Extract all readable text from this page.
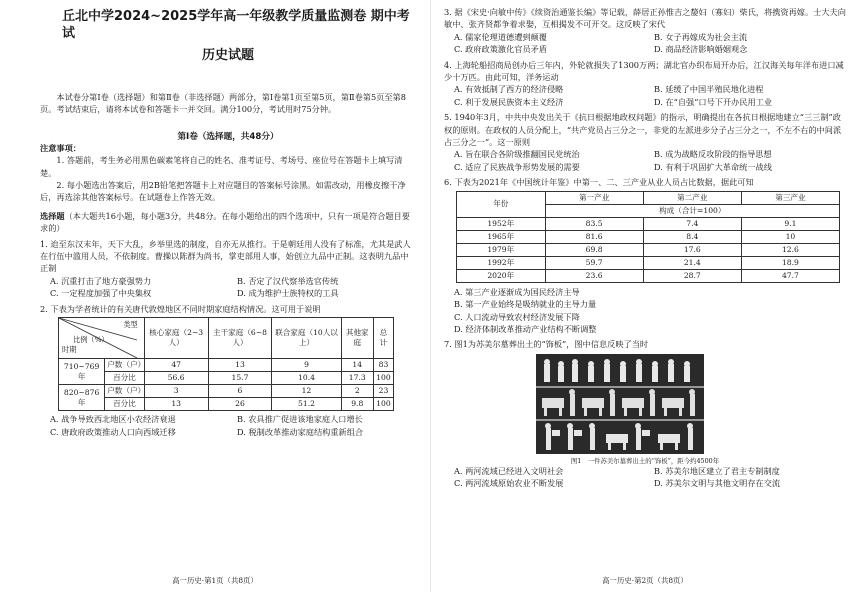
丘北中学2024~2025学年高一年级教学质量监测卷 期中考试
历史试题
本试卷分第Ⅰ卷（选择题）和第Ⅱ卷（非选择题）两部分，第Ⅰ卷第1页至第5页，第Ⅱ卷第5页至第8页。考试结束后，请将本试卷和答题卡一并交回。满分100分，考试用时75分钟。
第Ⅰ卷（选择题，共48分）
注意事项：
1. 答题前，考生务必用黑色碳素笔将自己的姓名、准考证号、考场号、座位号在答题卡上填写清楚。
2. 每小题选出答案后，用2B铅笔把答题卡上对应题目的答案标号涂黑。如需改动，用橡皮擦干净后，再选涂其他答案标号。在试题卷上作答无效。
选择题（本大题共16小题，每小题3分，共48分。在每小题给出的四个选项中，只有一项是符合题目要求的）
1. 迨至东汉末年，天下大乱，乡举里选的制度，自亦无从推行。于是朝廷用人没有了标准，尤其是武人在行伍中滥用人员，不依制度。曹操以陈群为尚书，掌吏部用人事，始创立九品中正制。这表明九品中正制
A. 沉重打击了地方豪强势力	B. 否定了汉代察举选官传统
C. 一定程度加强了中央集权	D. 成为维护士族特权的工具
2. 下表为学者统计的有关唐代敦煌地区不同时期家庭结构情况。这可用于说明
类型
比例（%）
时期		核心家庭（2~3人）	主干家庭（6~8人）	联合家庭（10人以上）	其他家庭	总计
710~769年	户数（户）	47	13	9	14	83
	百分比	56.6	15.7	10.4	17.3	100
820~876年	户数（户）	3	6	12	2	23
	百分比	13	26	51.2	9.8	100
A. 战争导致西北地区小农经济衰退	B. 农具推广促进该地家庭人口增长
C. 唐政府政策推动人口向西域迁移	D. 税制改革推动家庭结构重新组合
高一历史·第1页（共8页）
3. 据《宋史·向敏中传》《续资治通鉴长编》等记载，薛居正孙惟吉之嫠妇（寡妇）柴氏，将携资再嫁。士大夫向敏中、张齐贤都争着求娶，互相揭发不可开交。这反映了宋代
A. 儒家伦理道德遭到颠覆	B. 女子再嫁成为社会主流
C. 政府政策激化官员矛盾	D. 商品经济影响婚姻观念
4. 上海轮船招商局创办后三年内，外轮就损失了1300万两；湖北官办织布局开办后，江汉海关每年洋布进口减少十万匹。由此可知，洋务运动
A. 有效抵制了西方的经济侵略	B. 延缓了中国半殖民地化进程
C. 利于发展民族资本主义经济	D. 在“自强”口号下开办民用工业
5. 1940年3月，中共中央发出关于《抗日根据地政权问题》的指示，明确提出在各抗日根据地建立“三三制”政权的原则。在政权的人员分配上，“共产党员占三分之一，非党的左派进步分子占三分之一，不左不右的中间派占三分之一”。这一原则
A. 旨在联合各阶级推翻国民党统治	B. 成为战略反攻阶段的指导思想
C. 适应了民族战争形势发展的需要	D. 有利于巩固扩大革命统一战线
6. 下表为2021年《中国统计年鉴》中第一、二、三产业从业人员占比数据，据此可知
年份	第一产业	第二产业	第三产业
	构成（合计=100）		
1952年	83.5	7.4	9.1
1965年	81.6	8.4	10
1979年	69.8	17.6	12.6
1992年	59.7	21.4	18.9
2020年	23.6	28.7	47.7
A. 第三产业逐渐成为国民经济主导
B. 第一产业始终是吸纳就业的主导力量
C. 人口流动导致农村经济发展下降
D. 经济体制改革推动产业结构不断调整
7. 图1为苏美尔墓葬出土的“饰板”，图中信息反映了当时
图1　一件苏美尔墓葬出土的“饰板”，距今约4500年
A. 两河流域已经进入文明社会	B. 苏美尔地区建立了君主专制制度
C. 两河流域原始农业不断发展	D. 苏美尔文明与其他文明存在交流
高一历史·第2页（共8页）
